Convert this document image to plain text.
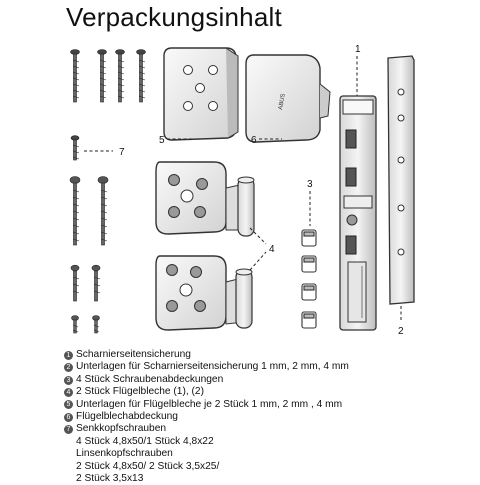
Verpackungsinhalt
7
5
ABUS
6
4
3
1
2
1 Scharnierseitensicherung
2 Unterlagen für Scharnierseitensicherung 1 mm, 2 mm, 4 mm
3 4 Stück Schraubenabdeckungen
4 2 Stück Flügelbleche (1), (2)
5 Unterlagen für Flügelbleche je 2 Stück 1 mm, 2 mm , 4 mm
6 Flügelblechabdeckung
7 Senkkopfschrauben
4 Stück 4,8x50/1 Stück 4,8x22
Linsenkopfschrauben
2 Stück 4,8x50/ 2 Stück 3,5x25/
2 Stück 3,5x13
